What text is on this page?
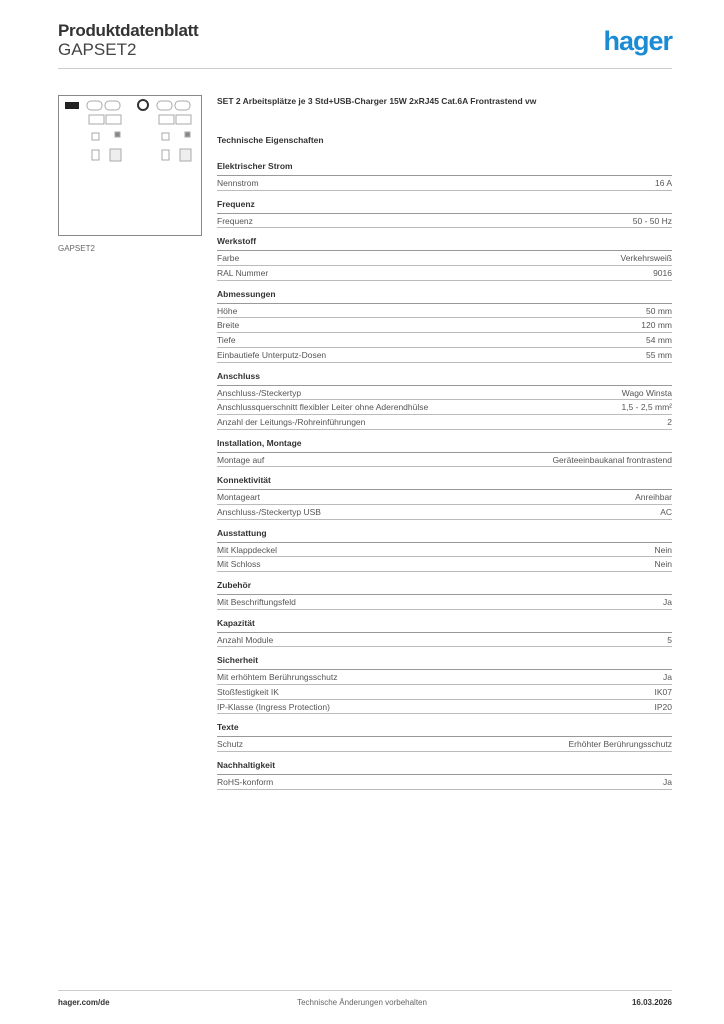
Produktdatenblatt
GAPSET2	hager
GAPSET2
SET 2 Arbeitsplätze je 3 Std+USB-Charger 15W 2xRJ45 Cat.6A Frontrastend vw
Technische Eigenschaften
Elektrischer Strom
Nennstrom	16 A
Frequenz
Frequenz	50 - 50 Hz
Werkstoff
Farbe	Verkehrsweiß
RAL Nummer	9016
Abmessungen
Höhe	50 mm
Breite	120 mm
Tiefe	54 mm
Einbautiefe Unterputz-Dosen	55 mm
Anschluss
Anschluss-/Steckertyp	Wago Winsta
Anschlussquerschnitt flexibler Leiter ohne Aderendhülse	1,5 - 2,5 mm²
Anzahl der Leitungs-/Rohreinführungen	2
Installation, Montage
Montage auf	Geräteeinbaukanal frontrastend
Konnektivität
Montageart	Anreihbar
Anschluss-/Steckertyp USB	AC
Ausstattung
Mit Klappdeckel	Nein
Mit Schloss	Nein
Zubehör
Mit Beschriftungsfeld	Ja
Kapazität
Anzahl Module	5
Sicherheit
Mit erhöhtem Berührungsschutz	Ja
Stoßfestigkeit IK	IK07
IP-Klasse (Ingress Protection)	IP20
Texte
Schutz	Erhöhter Berührungsschutz
Nachhaltigkeit
RoHS-konform	Ja
hager.com/de	Technische Änderungen vorbehalten	16.03.2026
